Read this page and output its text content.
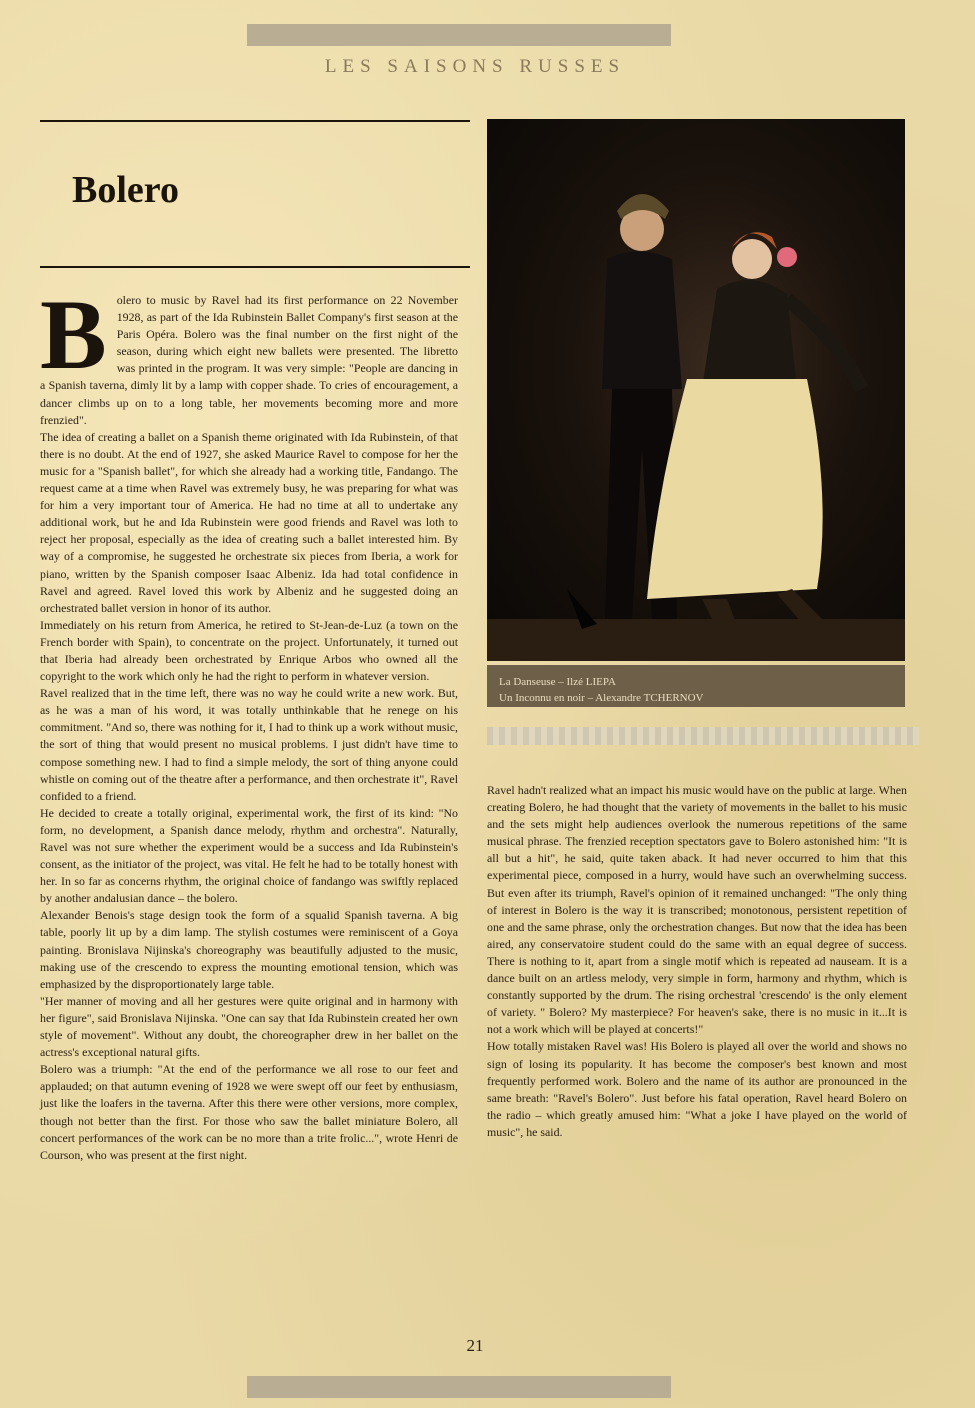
LES SAISONS RUSSES
Bolero
B olero to music by Ravel had its first performance on 22 November 1928, as part of the Ida Rubinstein Ballet Company's first season at the Paris Opéra. Bolero was the final number on the first night of the season, during which eight new ballets were presented. The libretto was printed in the program. It was very simple: "People are dancing in a Spanish taverna, dimly lit by a lamp with copper shade. To cries of encouragement, a dancer climbs up on to a long table, her movements becoming more and more frenzied".

The idea of creating a ballet on a Spanish theme originated with Ida Rubinstein, of that there is no doubt. At the end of 1927, she asked Maurice Ravel to compose for her the music for a "Spanish ballet", for which she already had a working title, Fandango. The request came at a time when Ravel was extremely busy, he was preparing for what was for him a very important tour of America. He had no time at all to undertake any additional work, but he and Ida Rubinstein were good friends and Ravel was loth to reject her proposal, especially as the idea of creating such a ballet interested him. By way of a compromise, he suggested he orchestrate six pieces from Iberia, a work for piano, written by the Spanish composer Isaac Albeniz. Ida had total confidence in Ravel and agreed. Ravel loved this work by Albeniz and he suggested doing an orchestrated ballet version in honor of its author.

Immediately on his return from America, he retired to St-Jean-de-Luz (a town on the French border with Spain), to concentrate on the project. Unfortunately, it turned out that Iberia had already been orchestrated by Enrique Arbos who owned all the copyright to the work which only he had the right to perform in whatever version.

Ravel realized that in the time left, there was no way he could write a new work. But, as he was a man of his word, it was totally unthinkable that he renege on his commitment. "And so, there was nothing for it, I had to think up a work without music, the sort of thing that would present no musical problems. I just didn't have time to compose something new. I had to find a simple melody, the sort of thing anyone could whistle on coming out of the theatre after a performance, and then orchestrate it", Ravel confided to a friend.

He decided to create a totally original, experimental work, the first of its kind: "No form, no development, a Spanish dance melody, rhythm and orchestra". Naturally, Ravel was not sure whether the experiment would be a success and Ida Rubinstein's consent, as the initiator of the project, was vital. He felt he had to be totally honest with her. In so far as concerns rhythm, the original choice of fandango was swiftly replaced by another andalusian dance – the bolero.

Alexander Benois's stage design took the form of a squalid Spanish taverna. A big table, poorly lit up by a dim lamp. The stylish costumes were reminiscent of a Goya painting. Bronislava Nijinska's choreography was beautifully adjusted to the music, making use of the crescendo to express the mounting emotional tension, which was emphasized by the disproportionately large table.

"Her manner of moving and all her gestures were quite original and in harmony with her figure", said Bronislava Nijinska. "One can say that Ida Rubinstein created her own style of movement". Without any doubt, the choreographer drew in her ballet on the actress's exceptional natural gifts.

Bolero was a triumph: "At the end of the performance we all rose to our feet and applauded; on that autumn evening of 1928 we were swept off our feet by enthusiasm, just like the loafers in the taverna. After this there were other versions, more complex, though not better than the first. For those who saw the ballet miniature Bolero, all concert performances of the work can be no more than a trite frolic...", wrote Henri de Courson, who was present at the first night.

La Danseuse – Ilzé LIEPA
Un Inconnu en noir – Alexandre TCHERNOV

Ravel hadn't realized what an impact his music would have on the public at large. When creating Bolero, he had thought that the variety of movements in the ballet to his music and the sets might help audiences overlook the numerous repetitions of the same musical phrase. The frenzied reception spectators gave to Bolero astonished him: "It is all but a hit", he said, quite taken aback. It had never occurred to him that this experimental piece, composed in a hurry, would have such an overwhelming success. But even after its triumph, Ravel's opinion of it remained unchanged: "The only thing of interest in Bolero is the way it is transcribed; monotonous, persistent repetition of one and the same phrase, only the orchestration changes. But now that the idea has been aired, any conservatoire student could do the same with an equal degree of success. There is nothing to it, apart from a single motif which is repeated ad nauseam. It is a dance built on an artless melody, very simple in form, harmony and rhythm, which is constantly supported by the drum. The rising orchestral 'crescendo' is the only element of variety. " Bolero? My masterpiece? For heaven's sake, there is no music in it...It is not a work which will be played at concerts!"

How totally mistaken Ravel was! His Bolero is played all over the world and shows no sign of losing its popularity. It has become the composer's best known and most frequently performed work. Bolero and the name of its author are pronounced in the same breath: "Ravel's Bolero". Just before his fatal operation, Ravel heard Bolero on the radio – which greatly amused him: "What a joke I have played on the world of music", he said.

21
